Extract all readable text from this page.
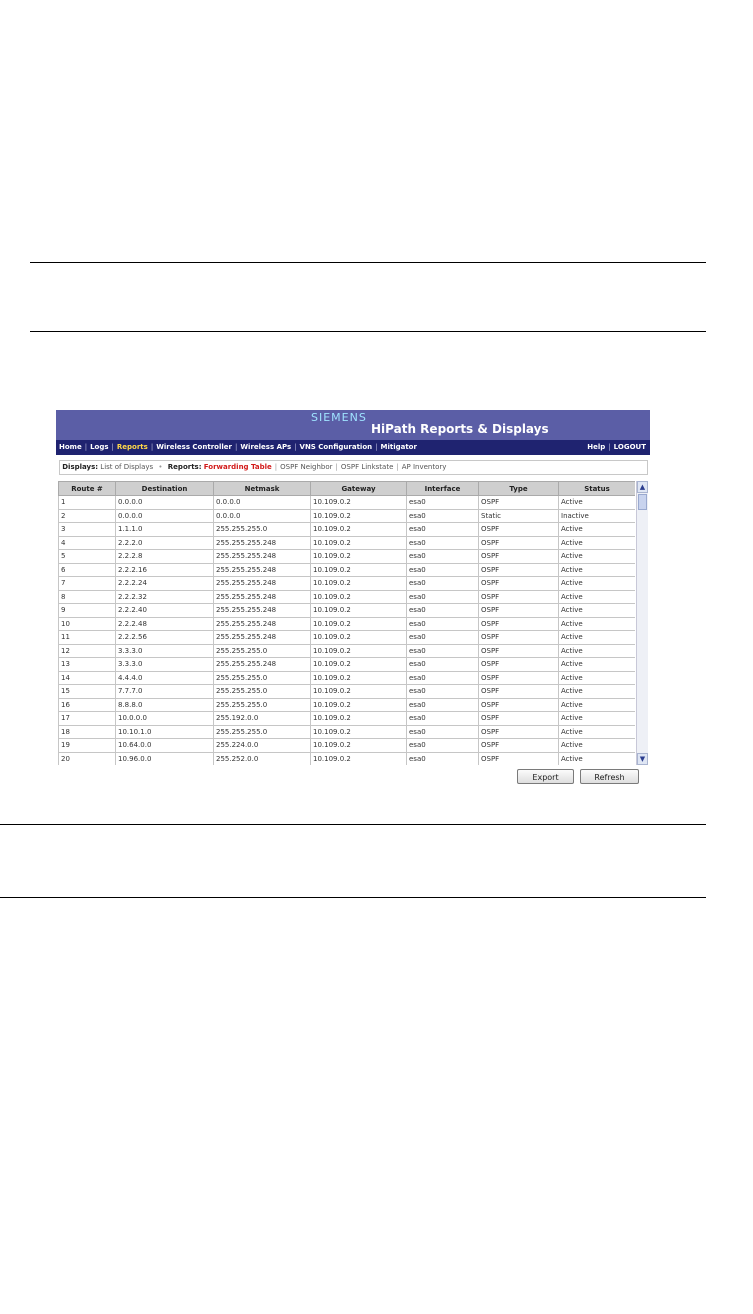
SIEMENS
HiPath Reports & Displays
Home | Logs | Reports | Wireless Controller | Wireless APs | VNS Configuration | Mitigator	Help | LOGOUT
Displays: List of Displays • Reports: Forwarding Table | OSPF Neighbor | OSPF Linkstate | AP Inventory
Route #	Destination	Netmask	Gateway	Interface	Type	Status
1	0.0.0.0	0.0.0.0	10.109.0.2	esa0	OSPF	Active
2	0.0.0.0	0.0.0.0	10.109.0.2	esa0	Static	Inactive
3	1.1.1.0	255.255.255.0	10.109.0.2	esa0	OSPF	Active
4	2.2.2.0	255.255.255.248	10.109.0.2	esa0	OSPF	Active
5	2.2.2.8	255.255.255.248	10.109.0.2	esa0	OSPF	Active
6	2.2.2.16	255.255.255.248	10.109.0.2	esa0	OSPF	Active
7	2.2.2.24	255.255.255.248	10.109.0.2	esa0	OSPF	Active
8	2.2.2.32	255.255.255.248	10.109.0.2	esa0	OSPF	Active
9	2.2.2.40	255.255.255.248	10.109.0.2	esa0	OSPF	Active
10	2.2.2.48	255.255.255.248	10.109.0.2	esa0	OSPF	Active
11	2.2.2.56	255.255.255.248	10.109.0.2	esa0	OSPF	Active
12	3.3.3.0	255.255.255.0	10.109.0.2	esa0	OSPF	Active
13	3.3.3.0	255.255.255.248	10.109.0.2	esa0	OSPF	Active
14	4.4.4.0	255.255.255.0	10.109.0.2	esa0	OSPF	Active
15	7.7.7.0	255.255.255.0	10.109.0.2	esa0	OSPF	Active
16	8.8.8.0	255.255.255.0	10.109.0.2	esa0	OSPF	Active
17	10.0.0.0	255.192.0.0	10.109.0.2	esa0	OSPF	Active
18	10.10.1.0	255.255.255.0	10.109.0.2	esa0	OSPF	Active
19	10.64.0.0	255.224.0.0	10.109.0.2	esa0	OSPF	Active
20	10.96.0.0	255.252.0.0	10.109.0.2	esa0	OSPF	Active
▲
▼
Export	Refresh
